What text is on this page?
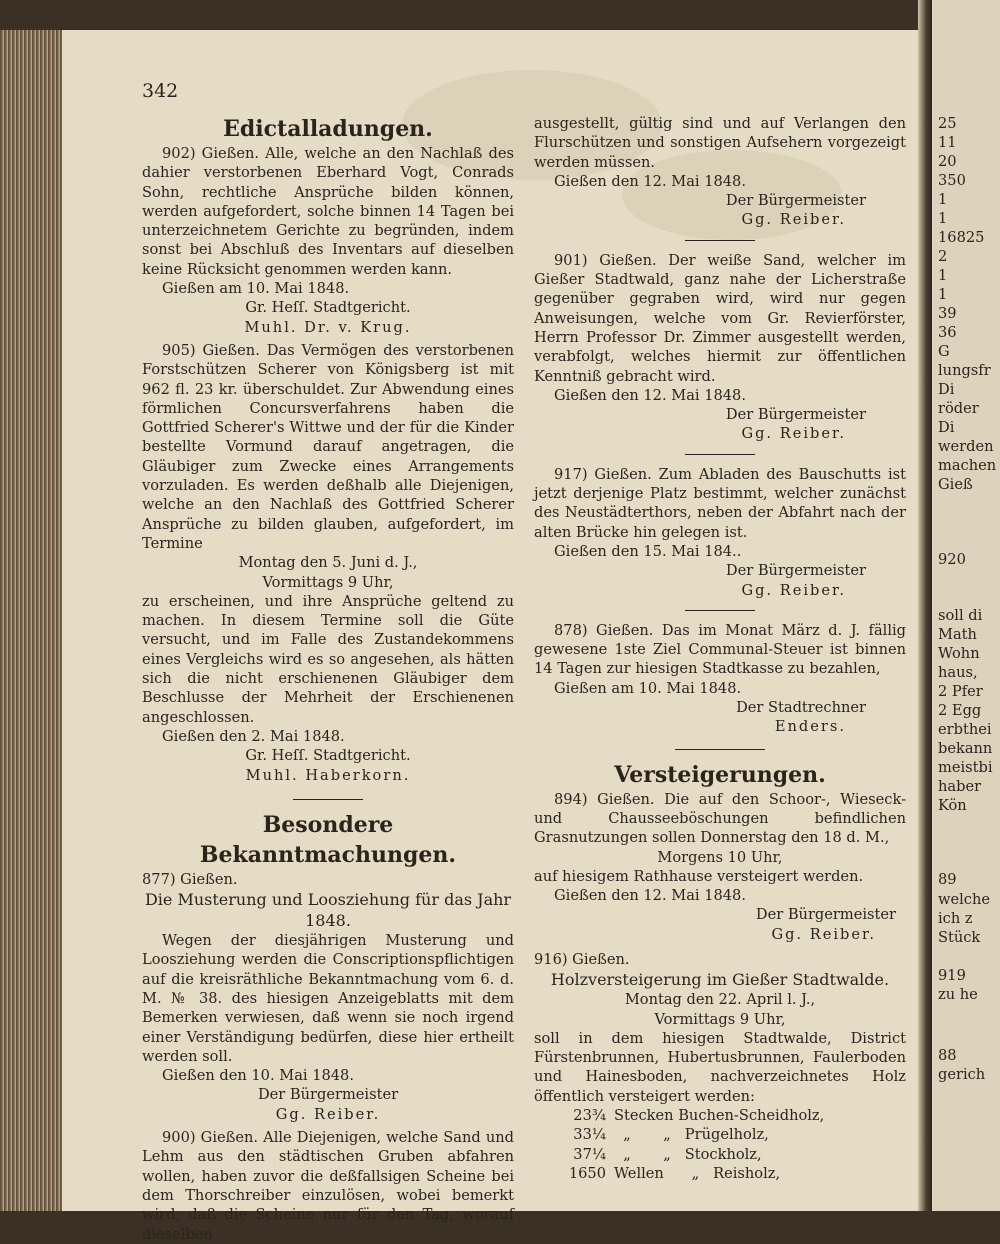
342

Edictalladungen.

902) Gießen. Alle, welche an den Nachlaß des dahier verstorbenen Eberhard Vogt, Conrads Sohn, rechtliche Ansprüche bilden können, werden aufgefordert, solche binnen 14 Tagen bei unterzeichnetem Gerichte zu begründen, indem sonst bei Abschluß des Inventars auf dieselben keine Rücksicht genommen werden kann.

Gießen am 10. Mai 1848.

Gr. Heſſ. Stadtgericht.

Muhl. Dr. v. Krug.

905) Gießen. Das Vermögen des verstorbenen Forstschützen Scherer von Königsberg ist mit 962 fl. 23 kr. überschuldet. Zur Abwendung eines förmlichen Concursverfahrens haben die Gottfried Scherer's Wittwe und der für die Kinder bestellte Vormund darauf angetragen, die Gläubiger zum Zwecke eines Arrangements vorzuladen. Es werden deßhalb alle Diejenigen, welche an den Nachlaß des Gottfried Scherer Ansprüche zu bilden glauben, aufgefordert, im Termine

Montag den 5. Juni d. J.,

Vormittags 9 Uhr,

zu erscheinen, und ihre Ansprüche geltend zu machen. In diesem Termine soll die Güte versucht, und im Falle des Zustandekommens eines Vergleichs wird es so angesehen, als hätten sich die nicht erschienenen Gläubiger dem Beschlusse der Mehrheit der Erschienenen angeschlossen.

Gießen den 2. Mai 1848.

Gr. Heſſ. Stadtgericht.

Muhl. Haberkorn.

Besondere Bekanntmachungen.

877) Gießen.

Die Musterung und Loosziehung für das Jahr 1848.

Wegen der diesjährigen Musterung und Loosziehung werden die Conscriptionspflichtigen auf die kreisräthliche Bekanntmachung vom 6. d. M. № 38. des hiesigen Anzeigeblatts mit dem Bemerken verwiesen, daß wenn sie noch irgend einer Verständigung bedürfen, diese hier ertheilt werden soll.

Gießen den 10. Mai 1848.

Der Bürgermeister

Gg. Reiber.

900) Gießen. Alle Diejenigen, welche Sand und Lehm aus den städtischen Gruben abfahren wollen, haben zuvor die deßfallsigen Scheine bei dem Thorschreiber einzulösen, wobei bemerkt wird, daß die Scheine nur für den Tag, worauf dieselben

ausgestellt, gültig sind und auf Verlangen den Flurschützen und sonstigen Aufsehern vorgezeigt werden müssen.

Gießen den 12. Mai 1848.

Der Bürgermeister

Gg. Reiber.

901) Gießen. Der weiße Sand, welcher im Gießer Stadtwald, ganz nahe der Licherstraße gegenüber gegraben wird, wird nur gegen Anweisungen, welche vom Gr. Revierförster, Herrn Professor Dr. Zimmer ausgestellt werden, verabfolgt, welches hiermit zur öffentlichen Kenntniß gebracht wird.

Gießen den 12. Mai 1848.

Der Bürgermeister

Gg. Reiber.

917) Gießen. Zum Abladen des Bauschutts ist jetzt derjenige Platz bestimmt, welcher zunächst des Neustädterthors, neben der Abfahrt nach der alten Brücke hin gelegen ist.

Gießen den 15. Mai 184..

Der Bürgermeister

Gg. Reiber.

878) Gießen. Das im Monat März d. J. fällig gewesene 1ste Ziel Communal-Steuer ist binnen 14 Tagen zur hiesigen Stadtkasse zu bezahlen,

Gießen am 10. Mai 1848.

Der Stadtrechner

Enders.

Versteigerungen.

894) Gießen. Die auf den Schoor-, Wieseck- und Chausseeböschungen befindlichen Grasnutzungen sollen Donnerstag den 18 d. M.,

Morgens 10 Uhr,

auf hiesigem Rathhause versteigert werden.

Gießen den 12. Mai 1848.

Der Bürgermeister

Gg. Reiber.

916) Gießen.

Holzversteigerung im Gießer Stadtwalde.

Montag den 22. April l. J.,

Vormittags 9 Uhr,

soll in dem hiesigen Stadtwalde, District Fürstenbrunnen, Hubertusbrunnen, Faulerboden und Hainesboden, nachverzeichnetes Holz öffentlich versteigert werden:

23¾ Stecken Buchen-Scheidholz,
33¼ „       „   Prügelholz,
37¼ „       „   Stockholz,
1650 Wellen      „   Reisholz,
25
11
20
350
1
1
16825
2
1
1
39
36
G
lungsfr
Di
röder
Di
werden
machen
Gieß
920
soll di
Math
Wohn
haus,
2 Pfer
2 Egg
erbthei
bekann
meistbi
haber
Kön
89
welche
ich z
Stück
919
zu he
88
gerich
